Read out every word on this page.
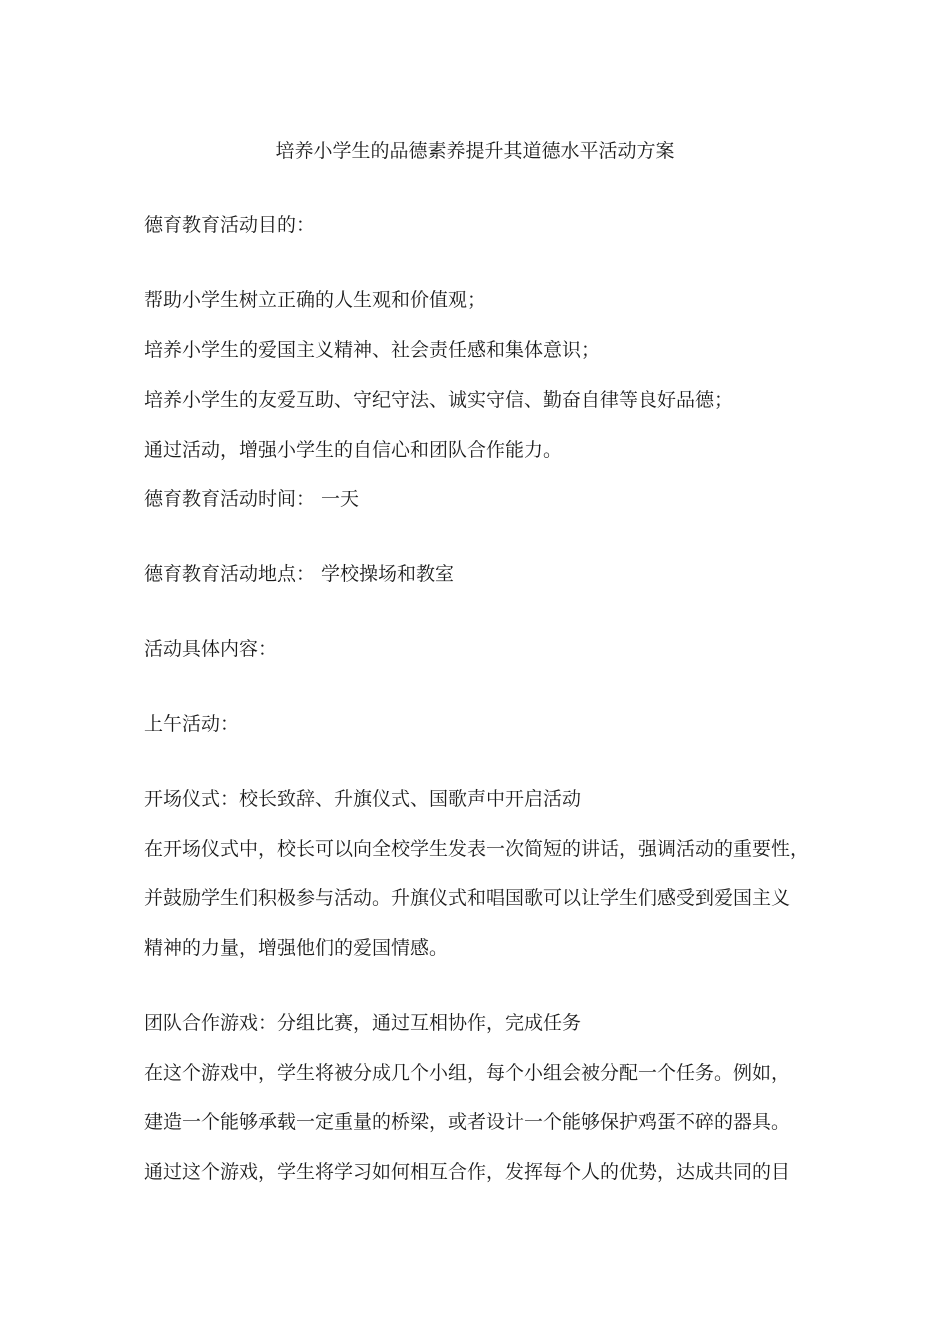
培养小学生的品德素养提升其道德水平活动方案
德育教育活动目的：
帮助小学生树立正确的人生观和价值观；
培养小学生的爱国主义精神、社会责任感和集体意识；
培养小学生的友爱互助、守纪守法、诚实守信、勤奋自律等良好品德；
通过活动，增强小学生的自信心和团队合作能力。
德育教育活动时间： 一天
德育教育活动地点： 学校操场和教室
活动具体内容：
上午活动：
开场仪式：校长致辞、升旗仪式、国歌声中开启活动
在开场仪式中，校长可以向全校学生发表一次简短的讲话，强调活动的重要性，
并鼓励学生们积极参与活动。升旗仪式和唱国歌可以让学生们感受到爱国主义
精神的力量，增强他们的爱国情感。
团队合作游戏：分组比赛，通过互相协作，完成任务
在这个游戏中，学生将被分成几个小组，每个小组会被分配一个任务。例如，
建造一个能够承载一定重量的桥梁，或者设计一个能够保护鸡蛋不碎的器具。
通过这个游戏，学生将学习如何相互合作，发挥每个人的优势，达成共同的目
